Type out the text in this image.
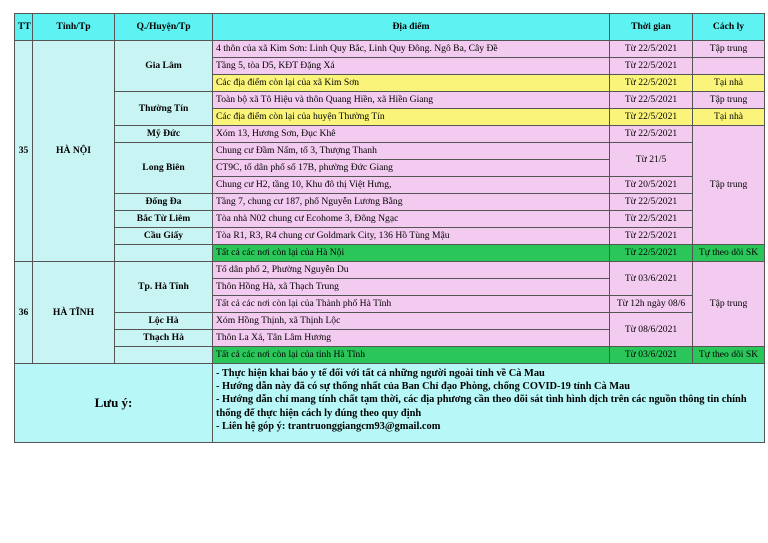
TT	Tỉnh/Tp	Q./Huyện/Tp	Địa điểm	Thời gian	Cách ly
35	HÀ NỘI	Gia Lâm	4 thôn của xã Kim Sơn: Linh Quy Bắc, Linh Quy Đông. Ngô Ba, Cây Đề	Từ 22/5/2021	Tập trung
			Tầng 5, tòa D5, KĐT Đặng Xá	Từ 22/5/2021	
			Các địa điểm còn lại của xã Kim Sơn	Từ 22/5/2021	Tại nhà
		Thường Tín	Toàn bộ xã Tô Hiệu và thôn Quang Hiền, xã Hiền Giang	Từ 22/5/2021	Tập trung
			Các địa điểm còn lại của huyện Thường Tín	Từ 22/5/2021	Tại nhà
		Mỹ Đức	Xóm 13, Hương Sơn, Đục Khê	Từ 22/5/2021	Tập trung
		Long Biên	Chung cư Đầm Nấm, tổ 3, Thượng Thanh	Từ 21/5	
			CT9C, tổ dân phố số 17B, phường Đức Giang		
			Chung cư H2, tầng 10, Khu đô thị Việt Hưng,	Từ 20/5/2021	
		Đống Đa	Tầng 7, chung cư 187, phố Nguyễn Lương Bằng	Từ 22/5/2021	
		Bắc Từ Liêm	Tòa nhà N02 chung cư Ecohome 3, Đông Ngạc	Từ 22/5/2021	
		Cầu Giấy	Tòa R1, R3, R4 chung cư Goldmark City, 136 Hồ Tùng Mậu	Từ 22/5/2021	
			Tất cả các nơi còn lại của Hà Nội	Từ 22/5/2021	Tự theo dõi SK
36	HÀ TĨNH	Tp. Hà Tĩnh	Tổ dân phố 2, Phường Nguyễn Du	Từ 03/6/2021	Tập trung
			Thôn Hồng Hà, xã Thạch Trung		
			Tất cả các nơi còn lại của Thành phố Hà Tĩnh	Từ 12h ngày 08/6	
		Lộc Hà	Xóm Hồng Thịnh, xã Thịnh Lộc	Từ 08/6/2021	
		Thạch Hà	Thôn La Xá, Tân Lâm Hương		
			Tất cả các nơi còn lại của tỉnh Hà Tĩnh	Từ 03/6/2021	Tự theo dõi SK
Lưu ý:			- Thực hiện khai báo y tế đối với tất cả những người ngoài tỉnh về Cà Mau
- Hướng dẫn này đã có sự thống nhất của Ban Chỉ đạo Phòng, chống COVID-19 tỉnh Cà Mau
- Hướng dẫn chỉ mang tính chất tạm thời, các địa phương cần theo dõi sát tình hình dịch trên các nguồn thông tin chính thống để thực hiện cách ly đúng theo quy định
- Liên hệ góp ý: trantruonggiangcm93@gmail.com		
